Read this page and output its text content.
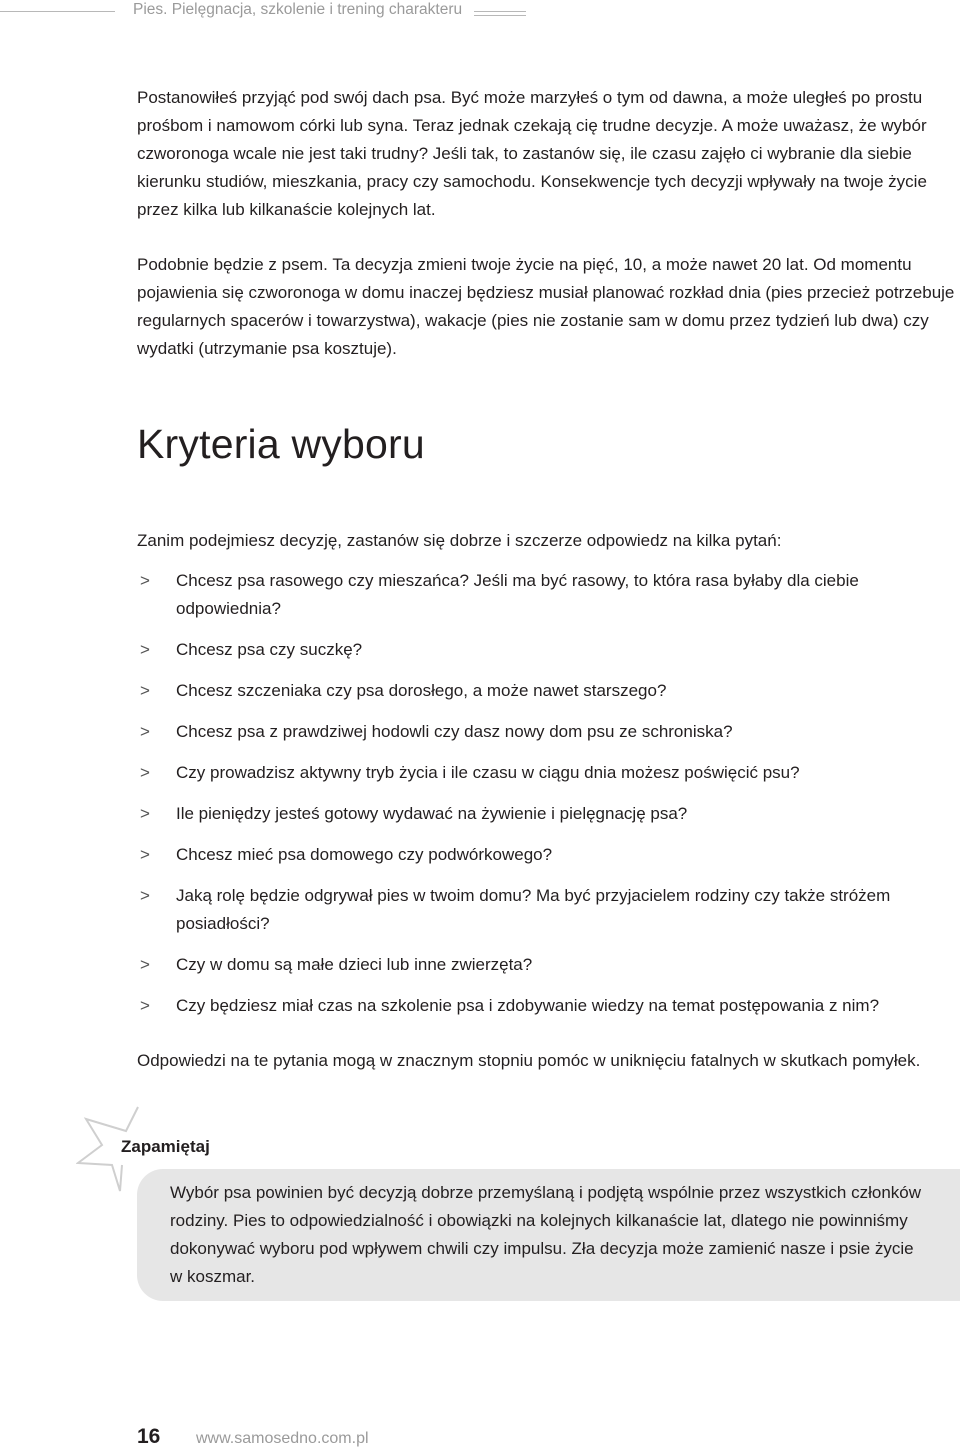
Pies. Pielęgnacja, szkolenie i trening charakteru

Postanowiłeś przyjąć pod swój dach psa. Być może marzyłeś o tym od dawna, a może uległeś po prostu prośbom i namowom córki lub syna. Teraz jednak czekają cię trudne decyzje. A może uważasz, że wybór czworonoga wcale nie jest taki trudny? Jeśli tak, to zastanów się, ile czasu zajęło ci wybranie dla siebie kierunku studiów, mieszkania, pracy czy samochodu. Konsekwencje tych decyzji wpływały na twoje życie przez kilka lub kilkanaście kolejnych lat.

Podobnie będzie z psem. Ta decyzja zmieni twoje życie na pięć, 10, a może nawet 20 lat. Od momentu pojawienia się czworonoga w domu inaczej będziesz musiał planować rozkład dnia (pies przecież potrzebuje regularnych spacerów i towarzystwa), wakacje (pies nie zostanie sam w domu przez tydzień lub dwa) czy wydatki (utrzymanie psa kosztuje).

Kryteria wyboru

Zanim podejmiesz decyzję, zastanów się dobrze i szczerze odpowiedz na kilka pytań:

> Chcesz psa rasowego czy mieszańca? Jeśli ma być rasowy, to która rasa byłaby dla ciebie odpowiednia?
> Chcesz psa czy suczkę?
> Chcesz szczeniaka czy psa dorosłego, a może nawet starszego?
> Chcesz psa z prawdziwej hodowli czy dasz nowy dom psu ze schroniska?
> Czy prowadzisz aktywny tryb życia i ile czasu w ciągu dnia możesz poświęcić psu?
> Ile pieniędzy jesteś gotowy wydawać na żywienie i pielęgnację psa?
> Chcesz mieć psa domowego czy podwórkowego?
> Jaką rolę będzie odgrywał pies w twoim domu? Ma być przyjacielem rodziny czy także stróżem posiadłości?
> Czy w domu są małe dzieci lub inne zwierzęta?
> Czy będziesz miał czas na szkolenie psa i zdobywanie wiedzy na temat postępowania z nim?

Odpowiedzi na te pytania mogą w znacznym stopniu pomóc w uniknięciu fatalnych w skutkach pomyłek.

Zapamiętaj

Wybór psa powinien być decyzją dobrze przemyślaną i podjętą wspólnie przez wszystkich członków rodziny. Pies to odpowiedzialność i obowiązki na kolejnych kilkanaście lat, dlatego nie powinniśmy dokonywać wyboru pod wpływem chwili czy impulsu. Zła decyzja może zamienić nasze i psie życie w koszmar.

16 www.samosedno.com.pl
